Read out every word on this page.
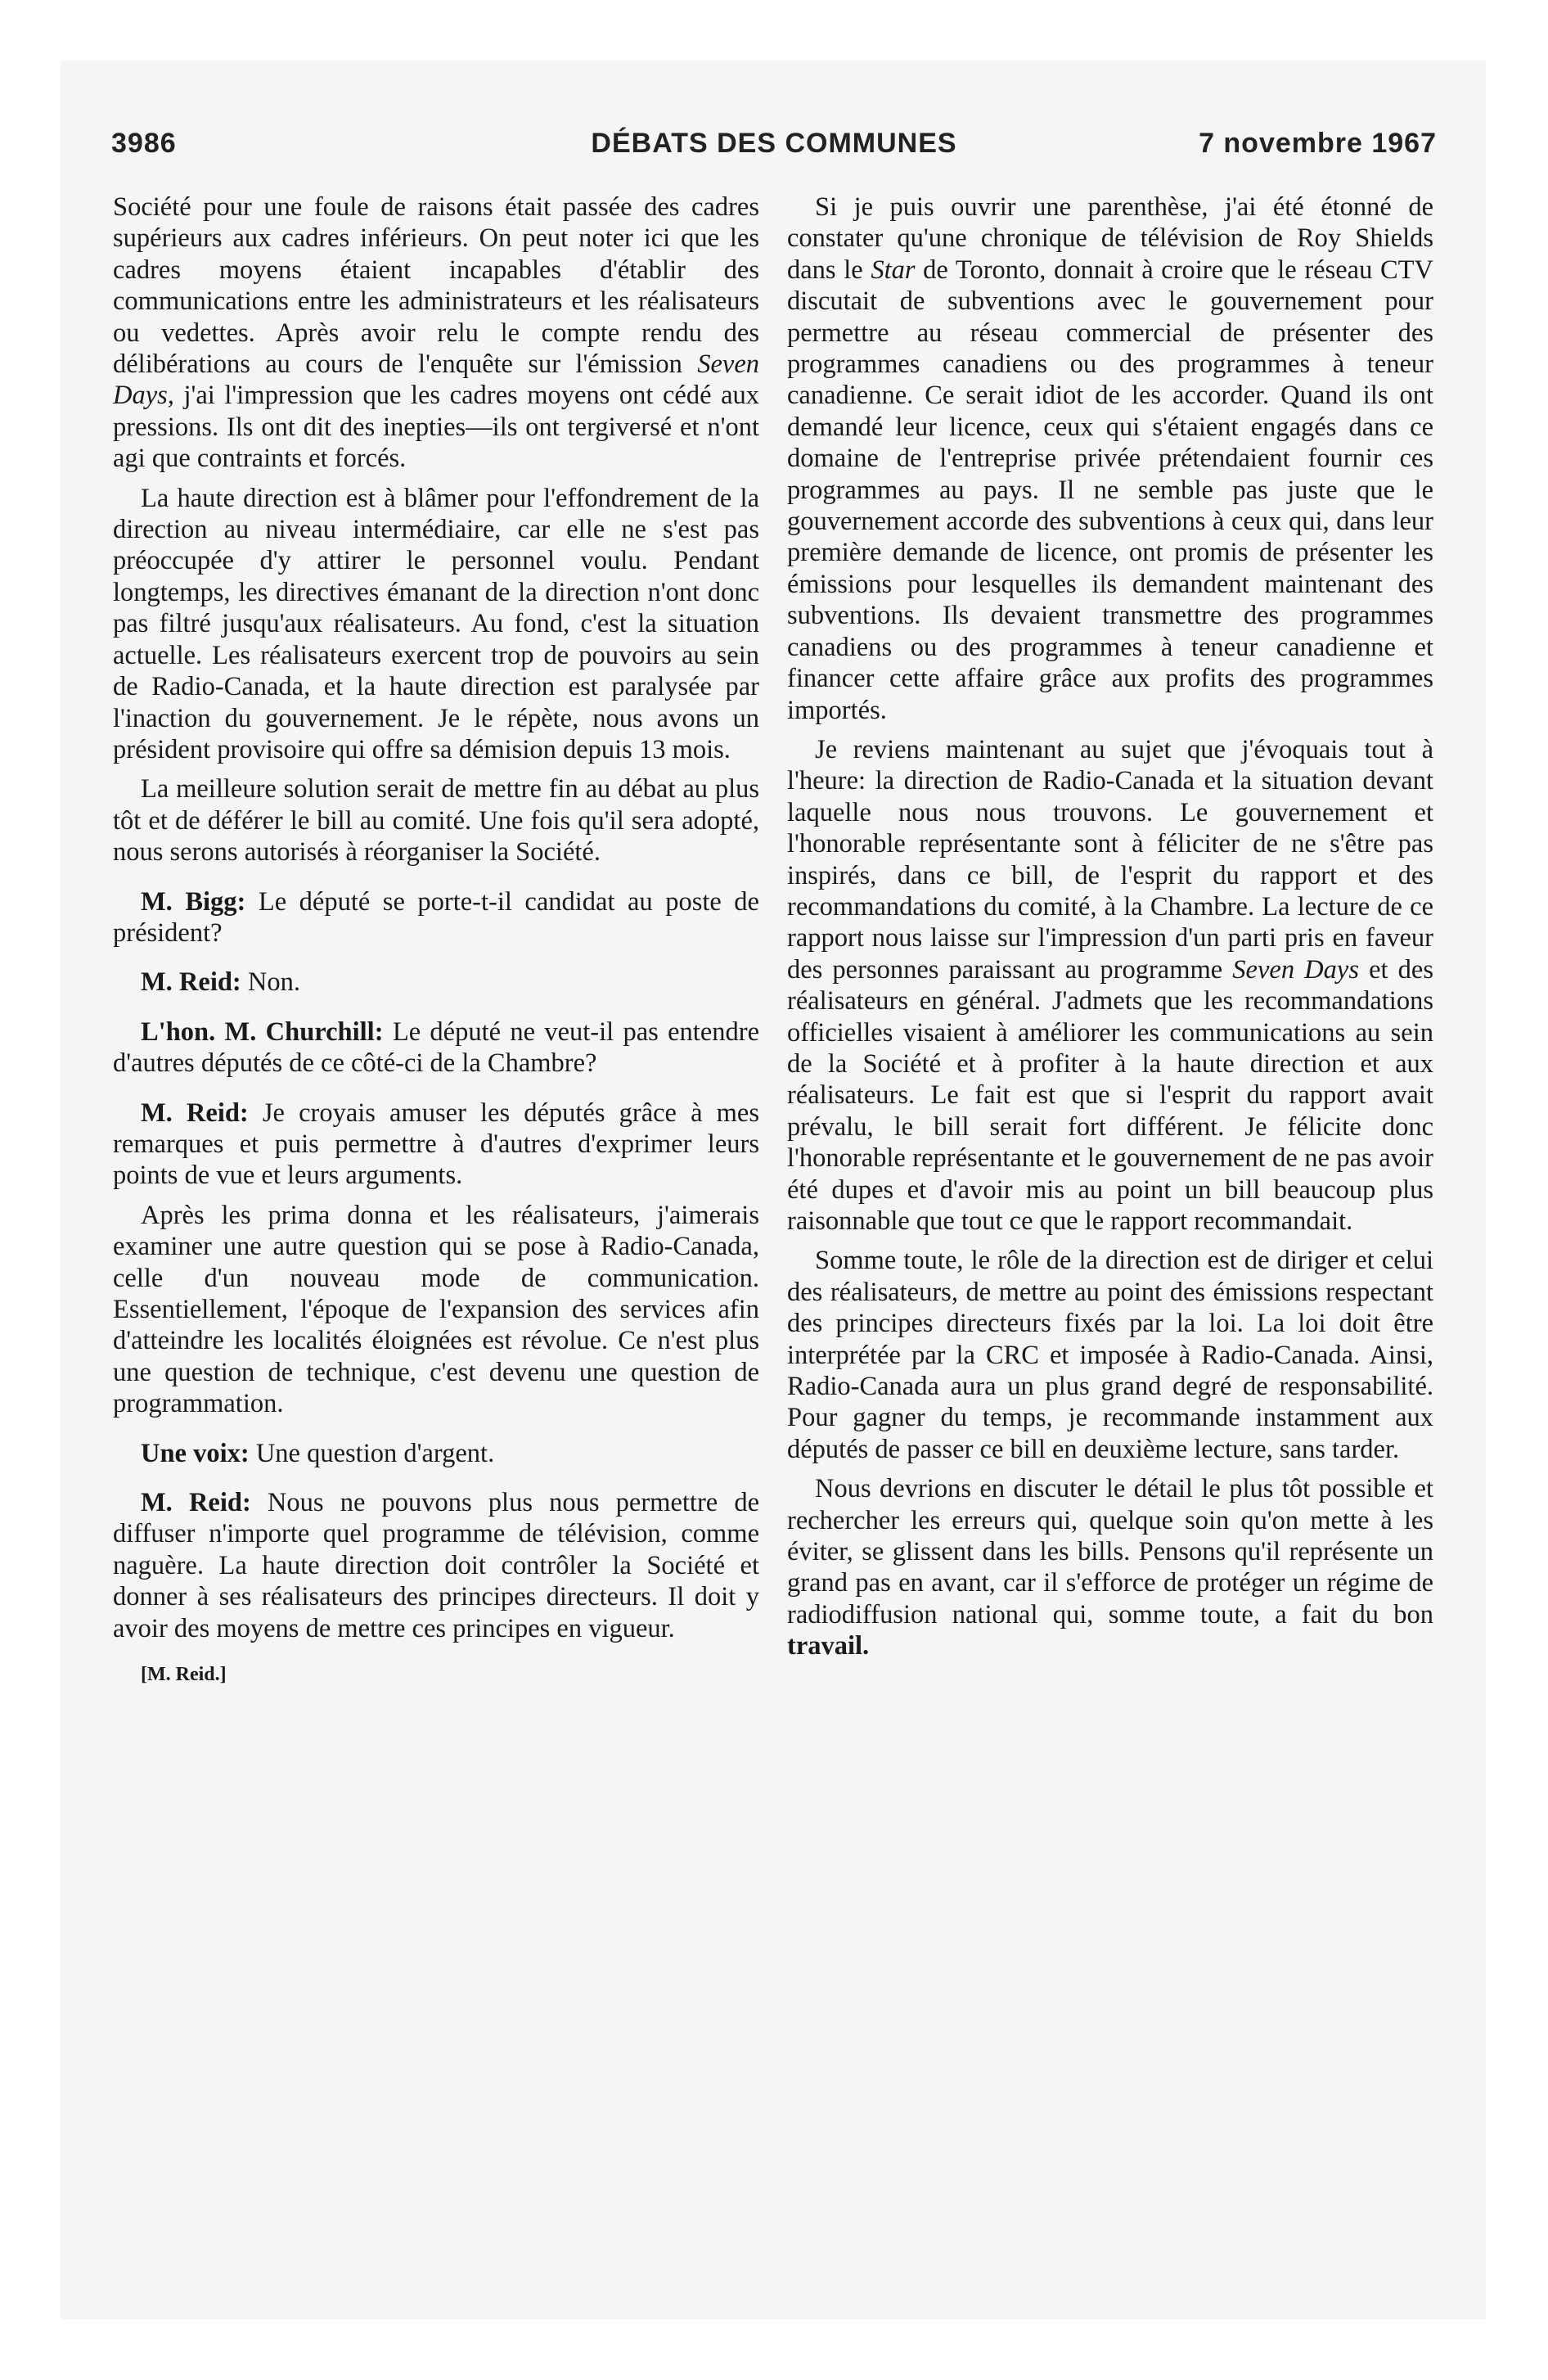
3986	DÉBATS DES COMMUNES	7 novembre 1967

Société pour une foule de raisons était passée des cadres supérieurs aux cadres inférieurs. On peut noter ici que les cadres moyens étaient incapables d'établir des communications entre les administrateurs et les réalisateurs ou vedettes. Après avoir relu le compte rendu des délibérations au cours de l'enquête sur l'émission Seven Days, j'ai l'impression que les cadres moyens ont cédé aux pressions. Ils ont dit des inepties—ils ont tergiversé et n'ont agi que contraints et forcés.

La haute direction est à blâmer pour l'effondrement de la direction au niveau intermédiaire, car elle ne s'est pas préoccupée d'y attirer le personnel voulu. Pendant longtemps, les directives émanant de la direction n'ont donc pas filtré jusqu'aux réalisateurs. Au fond, c'est la situation actuelle. Les réalisateurs exercent trop de pouvoirs au sein de Radio-Canada, et la haute direction est paralysée par l'inaction du gouvernement. Je le répète, nous avons un président provisoire qui offre sa démision depuis 13 mois.

La meilleure solution serait de mettre fin au débat au plus tôt et de déférer le bill au comité. Une fois qu'il sera adopté, nous serons autorisés à réorganiser la Société.

M. Bigg: Le député se porte-t-il candidat au poste de président?

M. Reid: Non.

L'hon. M. Churchill: Le député ne veut-il pas entendre d'autres députés de ce côté-ci de la Chambre?

M. Reid: Je croyais amuser les députés grâce à mes remarques et puis permettre à d'autres d'exprimer leurs points de vue et leurs arguments.

Après les prima donna et les réalisateurs, j'aimerais examiner une autre question qui se pose à Radio-Canada, celle d'un nouveau mode de communication. Essentiellement, l'époque de l'expansion des services afin d'atteindre les localités éloignées est révolue. Ce n'est plus une question de technique, c'est devenu une question de programmation.

Une voix: Une question d'argent.

M. Reid: Nous ne pouvons plus nous permettre de diffuser n'importe quel programme de télévision, comme naguère. La haute direction doit contrôler la Société et donner à ses réalisateurs des principes directeurs. Il doit y avoir des moyens de mettre ces principes en vigueur.

[M. Reid.]

Si je puis ouvrir une parenthèse, j'ai été étonné de constater qu'une chronique de télévision de Roy Shields dans le Star de Toronto, donnait à croire que le réseau CTV discutait de subventions avec le gouvernement pour permettre au réseau commercial de présenter des programmes canadiens ou des programmes à teneur canadienne. Ce serait idiot de les accorder. Quand ils ont demandé leur licence, ceux qui s'étaient engagés dans ce domaine de l'entreprise privée prétendaient fournir ces programmes au pays. Il ne semble pas juste que le gouvernement accorde des subventions à ceux qui, dans leur première demande de licence, ont promis de présenter les émissions pour lesquelles ils demandent maintenant des subventions. Ils devaient transmettre des programmes canadiens ou des programmes à teneur canadienne et financer cette affaire grâce aux profits des programmes importés.

Je reviens maintenant au sujet que j'évoquais tout à l'heure: la direction de Radio-Canada et la situation devant laquelle nous nous trouvons. Le gouvernement et l'honorable représentante sont à féliciter de ne s'être pas inspirés, dans ce bill, de l'esprit du rapport et des recommandations du comité, à la Chambre. La lecture de ce rapport nous laisse sur l'impression d'un parti pris en faveur des personnes paraissant au programme Seven Days et des réalisateurs en général. J'admets que les recommandations officielles visaient à améliorer les communications au sein de la Société et à profiter à la haute direction et aux réalisateurs. Le fait est que si l'esprit du rapport avait prévalu, le bill serait fort différent. Je félicite donc l'honorable représentante et le gouvernement de ne pas avoir été dupes et d'avoir mis au point un bill beaucoup plus raisonnable que tout ce que le rapport recommandait.

Somme toute, le rôle de la direction est de diriger et celui des réalisateurs, de mettre au point des émissions respectant des principes directeurs fixés par la loi. La loi doit être interprétée par la CRC et imposée à Radio-Canada. Ainsi, Radio-Canada aura un plus grand degré de responsabilité. Pour gagner du temps, je recommande instamment aux députés de passer ce bill en deuxième lecture, sans tarder.

Nous devrions en discuter le détail le plus tôt possible et rechercher les erreurs qui, quelque soin qu'on mette à les éviter, se glissent dans les bills. Pensons qu'il représente un grand pas en avant, car il s'efforce de protéger un régime de radiodiffusion national qui, somme toute, a fait du bon travail.
